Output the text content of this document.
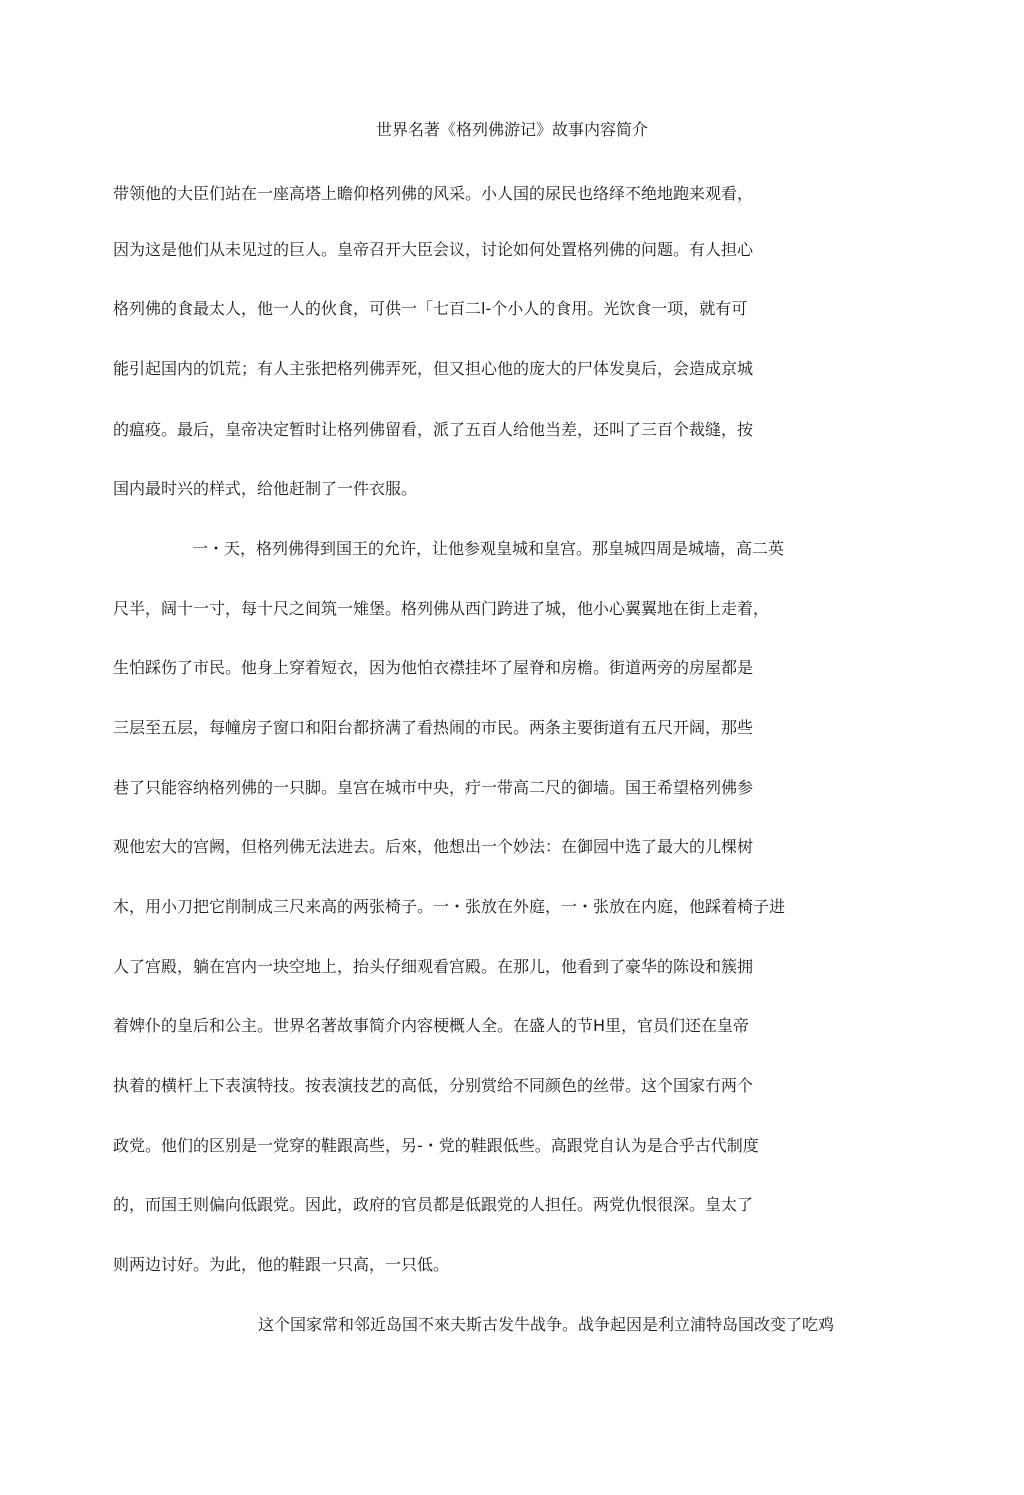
世界名著《格列佛游记》故事内容简介
带领他的大臣们站在一座高塔上瞻仰格列佛的风采。小人国的尿民也络绎不绝地跑来观看，
因为这是他们从未见过的巨人。皇帝召开大臣会议，讨论如何处置格列佛的问题。有人担心
格列佛的食最太人，他一人的伙食，可供一「七百二l-个小人的食用。光饮食一项，就有可
能引起国内的饥荒；有人主张把格列佛弄死，但又担心他的庞大的尸体发臭后，会造成京城
的瘟疫。最后，皇帝决定暂时让格列佛留看，派了五百人给他当差，还叫了三百个裁缝，按
国内最时兴的样式，给他赶制了一件衣服。
一・天，格列佛得到国王的允许，让他参观皇城和皇宫。那皇城四周是城墙，高二英
尺半，阔十一寸，每十尺之间筑一雉堡。格列佛从西门跨进了城，他小心翼翼地在街上走着，
生怕踩伤了市民。他身上穿着短衣，因为他怕衣襟挂坏了屋脊和房檐。街道两旁的房屋都是
三层至五层，每幢房子窗口和阳台都挤满了看热闹的市民。两条主要街道有五尺开阔，那些
巷了只能容纳格列佛的一只脚。皇宫在城市中央，疔一带高二尺的御墙。国王希望格列佛参
观他宏大的宫阙，但格列佛无法进去。后來，他想出一个妙法：在御园中选了最大的儿棵树
木，用小刀把它削制成三尺来高的两张椅子。一・张放在外庭，一・张放在内庭，他踩着椅子进
人了宫殿，躺在宫内一块空地上，抬头仔细观看宫殿。在那儿，他看到了豪华的陈设和簇拥
着婢仆的皇后和公主。世界名著故事简介内容梗概人全。在盛人的节H里，官员们还在皇帝
执着的横杆上下表演特技。按表演技艺的高低，分别赏给不同颜色的丝带。这个国家冇两个
政党。他们的区别是一党穿的鞋跟高些，另-・党的鞋跟低些。高跟党自认为是合乎古代制度
的，而国王则偏向低跟党。因此，政府的官员都是低跟党的人担任。两党仇恨很深。皇太了
则两边讨好。为此，他的鞋跟一只高，一只低。
这个国家常和邻近岛国不來夫斯古发牛战争。战争起因是利立浦特岛国改变了吃鸡
